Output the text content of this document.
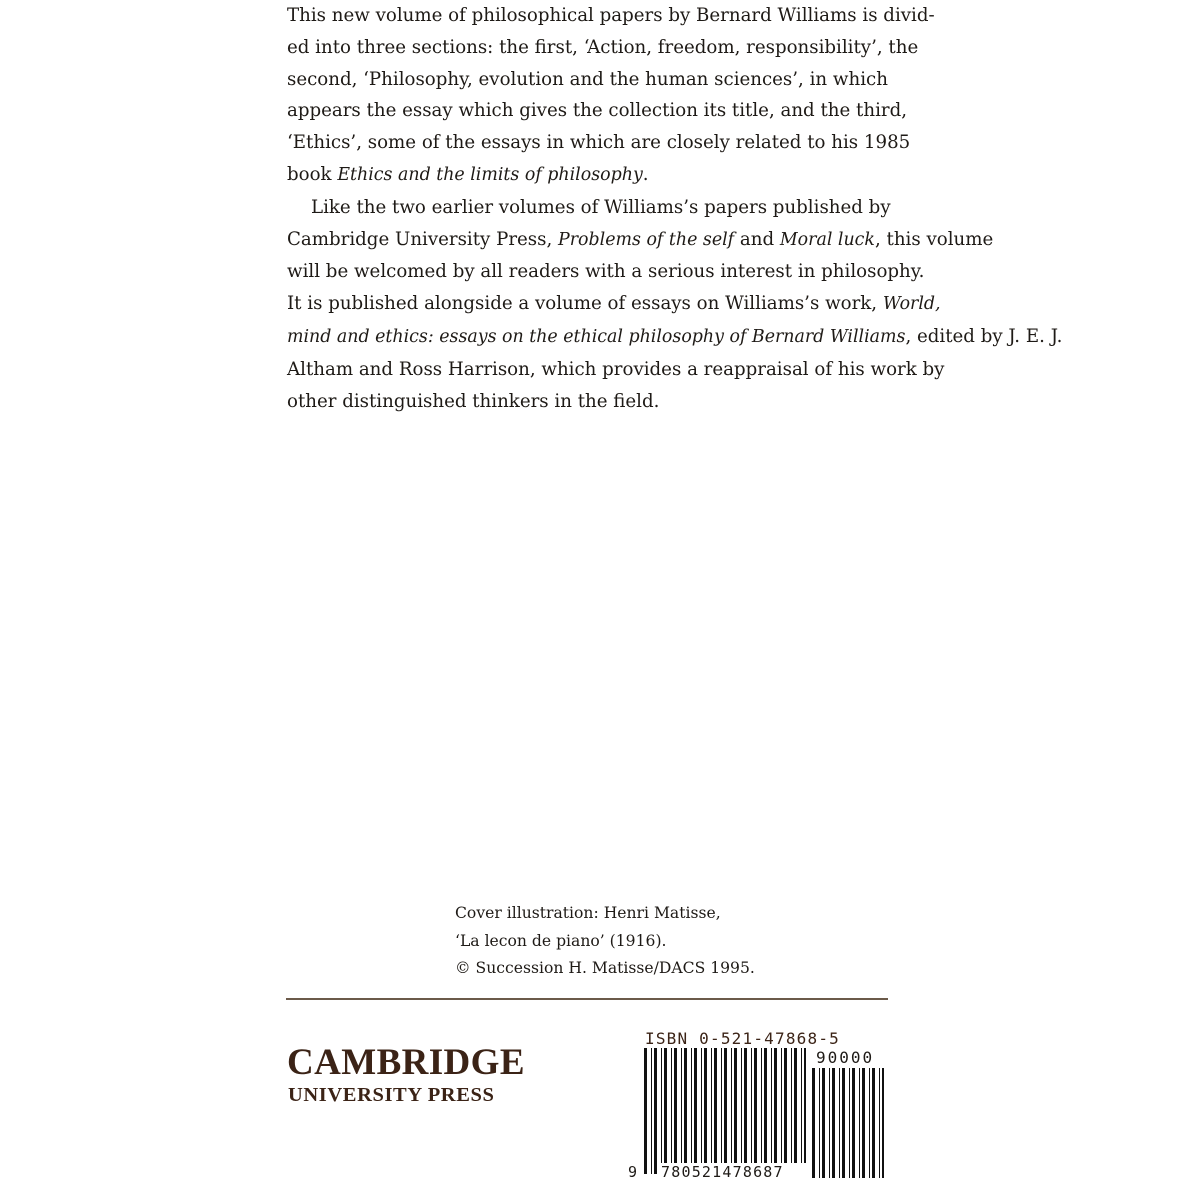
This new volume of philosophical papers by Bernard Williams is divid-
ed into three sections: the first, ‘Action, freedom, responsibility’, the
second, ‘Philosophy, evolution and the human sciences’, in which
appears the essay which gives the collection its title, and the third,
‘Ethics’, some of the essays in which are closely related to his 1985
book Ethics and the limits of philosophy.
Like the two earlier volumes of Williams’s papers published by
Cambridge University Press, Problems of the self and Moral luck, this volume
will be welcomed by all readers with a serious interest in philosophy.
It is published alongside a volume of essays on Williams’s work, World,
mind and ethics: essays on the ethical philosophy of Bernard Williams, edited by J. E. J.
Altham and Ross Harrison, which provides a reappraisal of his work by
other distinguished thinkers in the field.
Cover illustration: Henri Matisse,
‘La lecon de piano’ (1916).
© Succession H. Matisse/DACS 1995.
CAMBRIDGE
UNIVERSITY PRESS
ISBN 0-521-47868-5
9 780521478687
90000
